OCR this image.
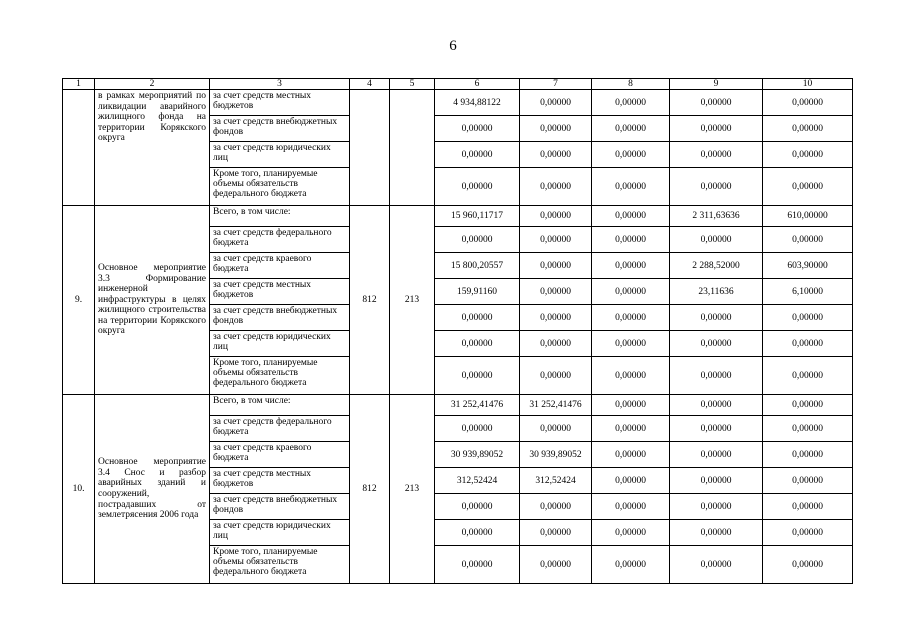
6
1	2	3	4	5	6	7	8	9	10
	в рамках мероприятий по ликвидации аварийного жилищного фонда на территории Корякского округа	за счет средств местных бюджетов			4 934,88122	0,00000	0,00000	0,00000	0,00000
		за счет средств внебюджетных фондов			0,00000	0,00000	0,00000	0,00000	0,00000
		за счет средств юридических лиц			0,00000	0,00000	0,00000	0,00000	0,00000
		Кроме того, планируемые объемы обязательств федерального бюджета			0,00000	0,00000	0,00000	0,00000	0,00000
9.	Основное мероприятие 3.3 Формирование инженерной инфраструктуры в целях жилищного строительства на территории Корякского округа	Всего, в том числе:	812	213	15 960,11717	0,00000	0,00000	2 311,63636	610,00000
		за счет средств федерального бюджета			0,00000	0,00000	0,00000	0,00000	0,00000
		за счет средств краевого бюджета			15 800,20557	0,00000	0,00000	2 288,52000	603,90000
		за счет средств местных бюджетов			159,91160	0,00000	0,00000	23,11636	6,10000
		за счет средств внебюджетных фондов			0,00000	0,00000	0,00000	0,00000	0,00000
		за счет средств юридических лиц			0,00000	0,00000	0,00000	0,00000	0,00000
		Кроме того, планируемые объемы обязательств федерального бюджета			0,00000	0,00000	0,00000	0,00000	0,00000
10.	Основное мероприятие 3.4 Снос и разбор аварийных зданий и сооружений, пострадавших от землетрясения 2006 года	Всего, в том числе:	812	213	31 252,41476	31 252,41476	0,00000	0,00000	0,00000
		за счет средств федерального бюджета			0,00000	0,00000	0,00000	0,00000	0,00000
		за счет средств краевого бюджета			30 939,89052	30 939,89052	0,00000	0,00000	0,00000
		за счет средств местных бюджетов			312,52424	312,52424	0,00000	0,00000	0,00000
		за счет средств внебюджетных фондов			0,00000	0,00000	0,00000	0,00000	0,00000
		за счет средств юридических лиц			0,00000	0,00000	0,00000	0,00000	0,00000
		Кроме того, планируемые объемы обязательств федерального бюджета			0,00000	0,00000	0,00000	0,00000	0,00000
